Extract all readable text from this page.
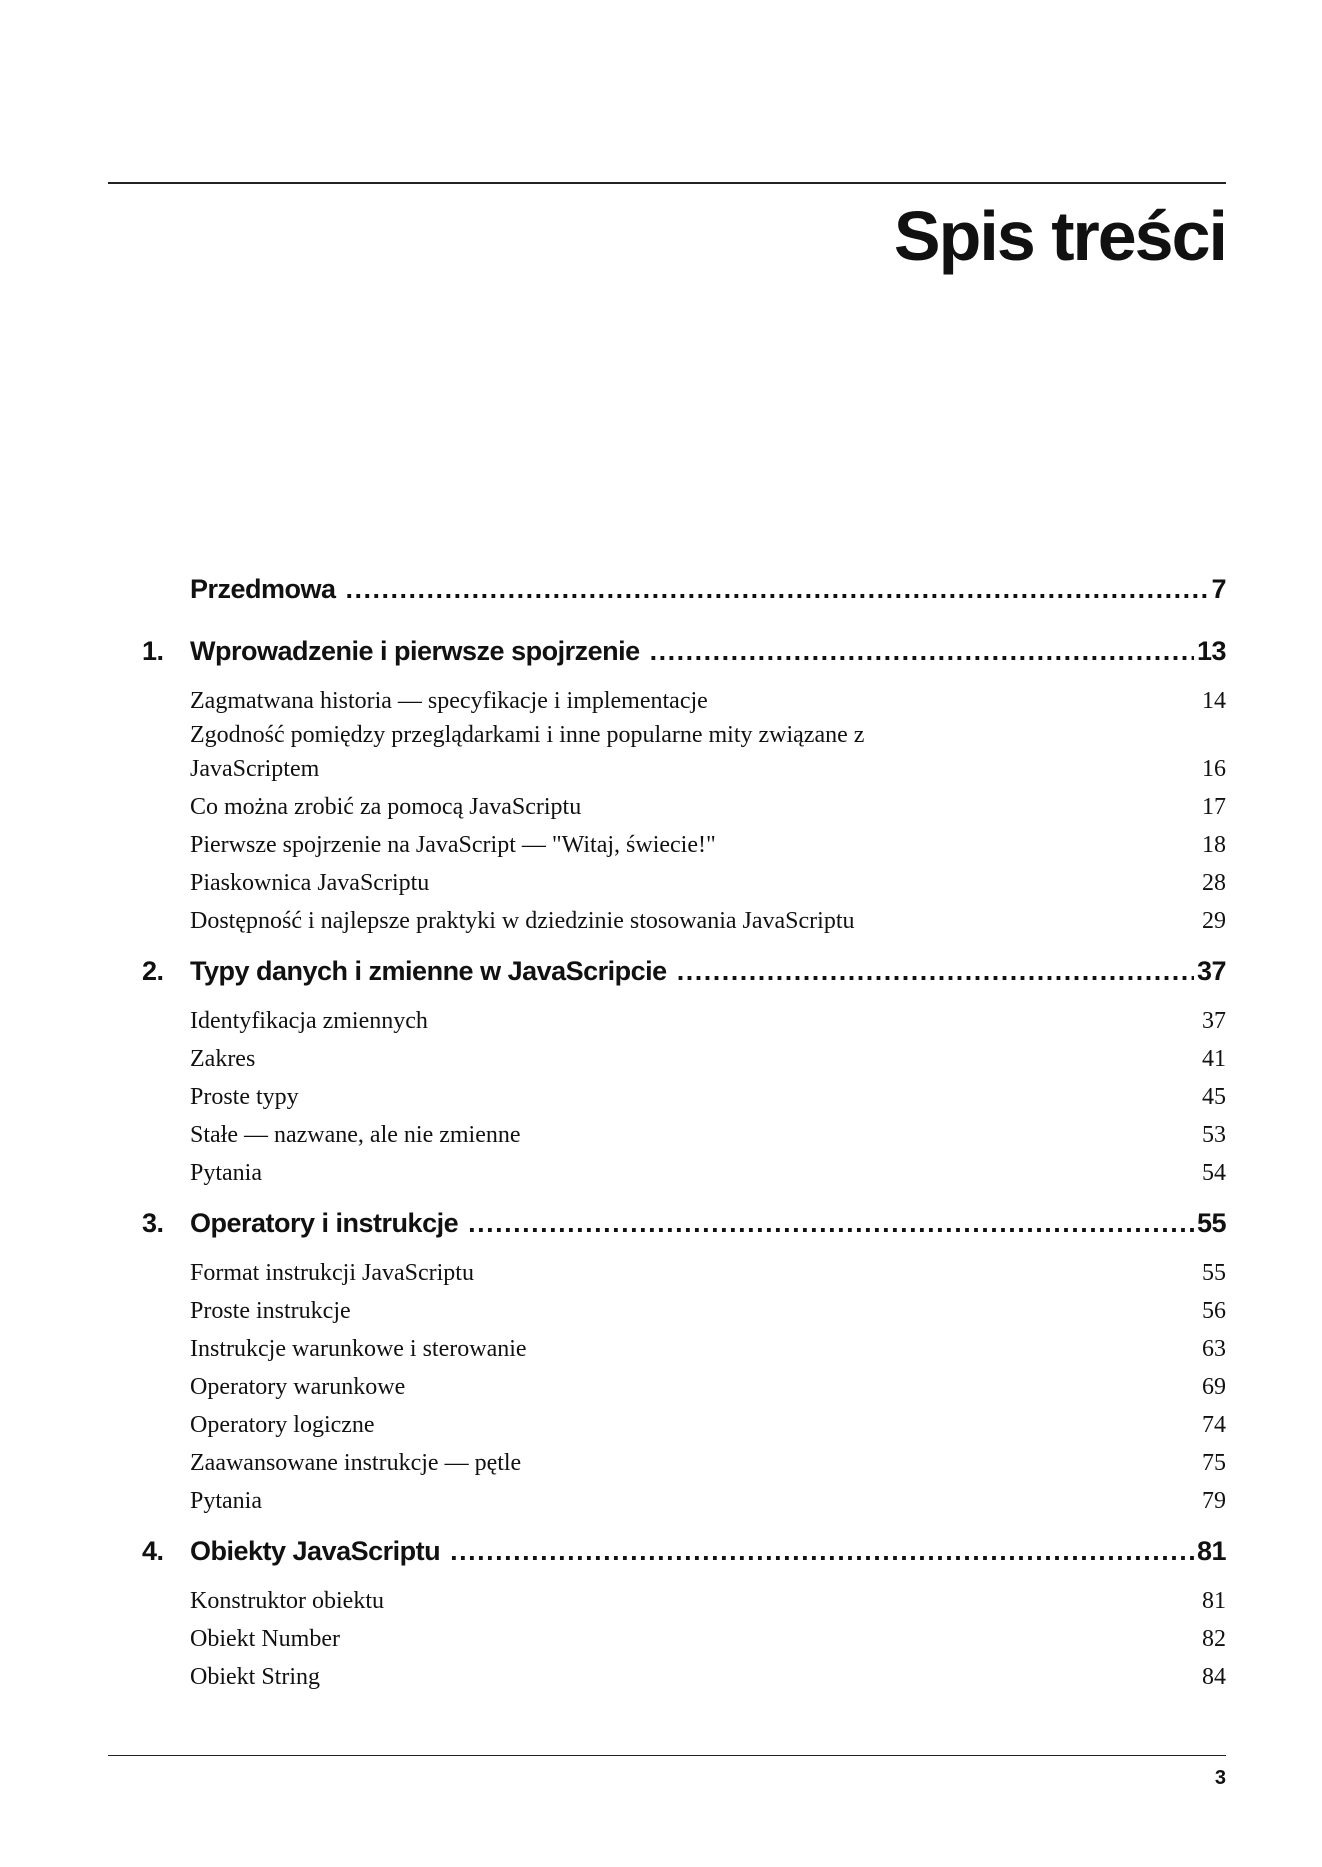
Spis treści
Przedmowa .....	7
1. Wprowadzenie i pierwsze spojrzenie .....	13
Zagmatwana historia — specyfikacje i implementacje	14
Zgodność pomiędzy przeglądarkami i inne popularne mity związane z JavaScriptem	16
Co można zrobić za pomocą JavaScriptu	17
Pierwsze spojrzenie na JavaScript — "Witaj, świecie!"	18
Piaskownica JavaScriptu	28
Dostępność i najlepsze praktyki w dziedzinie stosowania JavaScriptu	29
2. Typy danych i zmienne w JavaScripcie .....	37
Identyfikacja zmiennych	37
Zakres	41
Proste typy	45
Stałe — nazwane, ale nie zmienne	53
Pytania	54
3. Operatory i instrukcje .....	55
Format instrukcji JavaScriptu	55
Proste instrukcje	56
Instrukcje warunkowe i sterowanie	63
Operatory warunkowe	69
Operatory logiczne	74
Zaawansowane instrukcje — pętle	75
Pytania	79
4. Obiekty JavaScriptu .....	81
Konstruktor obiektu	81
Obiekt Number	82
Obiekt String	84
3
